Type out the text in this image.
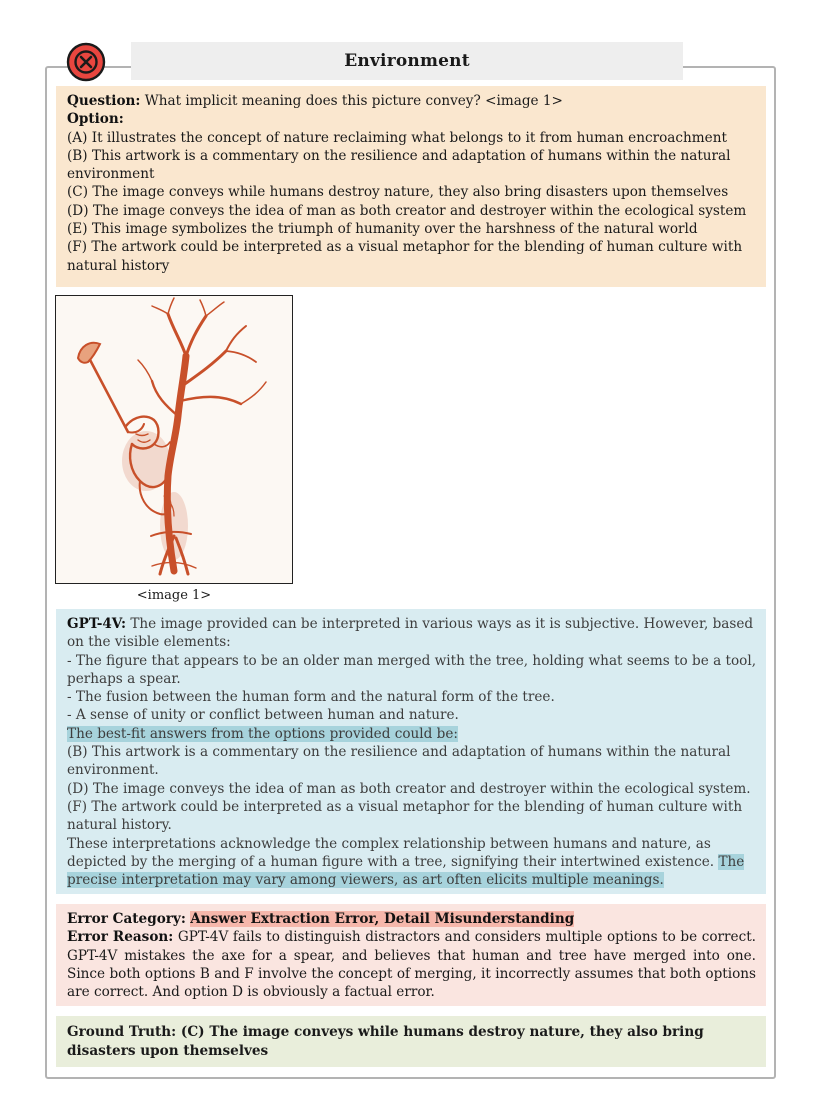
Environment
Question: What implicit meaning does this picture convey? <image 1>
Option:
(A) It illustrates the concept of nature reclaiming what belongs to it from human encroachment
(B) This artwork is a commentary on the resilience and adaptation of humans within the natural
environment
(C) The image conveys while humans destroy nature, they also bring disasters upon themselves
(D) The image conveys the idea of man as both creator and destroyer within the ecological system
(E) This image symbolizes the triumph of humanity over the harshness of the natural world
(F) The artwork could be interpreted as a visual metaphor for the blending of human culture with
natural history
<image 1>
GPT-4V: The image provided can be interpreted in various ways as it is subjective. However, based
on the visible elements:
- The figure that appears to be an older man merged with the tree, holding what seems to be a tool,
perhaps a spear.
- The fusion between the human form and the natural form of the tree.
- A sense of unity or conflict between human and nature.
The best-fit answers from the options provided could be:
(B) This artwork is a commentary on the resilience and adaptation of humans within the natural
environment.
(D) The image conveys the idea of man as both creator and destroyer within the ecological system.
(F) The artwork could be interpreted as a visual metaphor for the blending of human culture with
natural history.
These interpretations acknowledge the complex relationship between humans and nature, as
depicted by the merging of a human figure with a tree, signifying their intertwined existence. The
precise interpretation may vary among viewers, as art often elicits multiple meanings.
Error Category: Answer Extraction Error, Detail Misunderstanding
Error Reason: GPT-4V fails to distinguish distractors and considers multiple options to be correct. GPT-4V mistakes the axe for a spear, and believes that human and tree have merged into one. Since both options B and F involve the concept of merging, it incorrectly assumes that both options are correct. And option D is obviously a factual error.
Ground Truth: (C) The image conveys while humans destroy nature, they also bring disasters upon themselves
